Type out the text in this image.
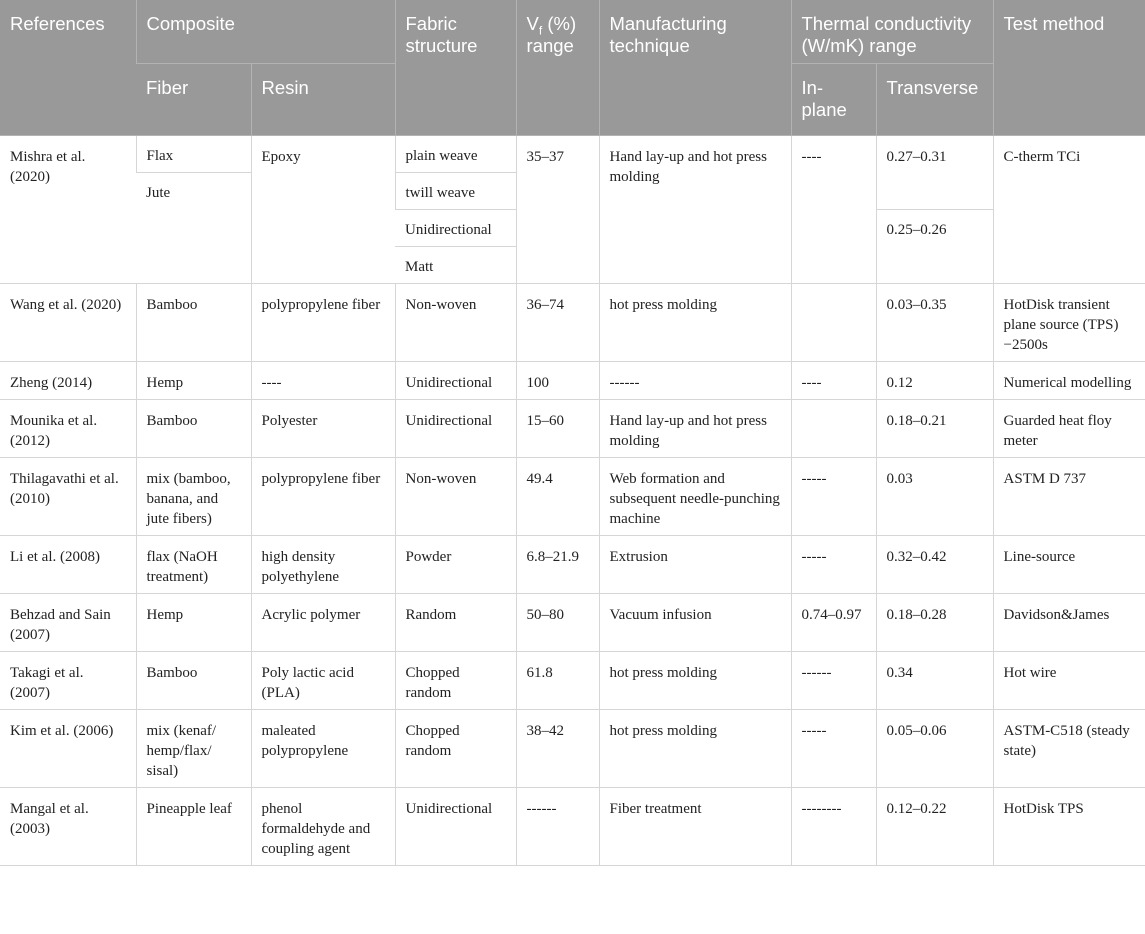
References	Composite		Fabric structure	$V_f$ (%) range	Manufacturing technique	Thermal conductivity (W/mK) range		Test method
	Fiber	Resin				In-plane	Transverse	
Mishra et al. (2020)	Flax	Epoxy	plain weave	35–37	Hand lay-up and hot press molding	----	0.27–0.31	C-therm TCi
	Jute		twill weave					
			Unidirectional				0.25–0.26	
			Matt					
Wang et al. (2020)	Bamboo	polypropylene fiber	Non-woven	36–74	hot press molding		0.03–0.35	HotDisk transient plane source (TPS) −2500s
Zheng (2014)	Hemp	----	Unidirectional	100	------	----	0.12	Numerical modelling
Mounika et al. (2012)	Bamboo	Polyester	Unidirectional	15–60	Hand lay-up and hot press molding		0.18–0.21	Guarded heat floy meter
Thilagavathi et al. (2010)	mix (bamboo, banana, and jute fibers)	polypropylene fiber	Non-woven	49.4	Web formation and subsequent needle-punching machine	-----	0.03	ASTM D 737
Li et al. (2008)	flax (NaOH treatment)	high density polyethylene	Powder	6.8–21.9	Extrusion	-----	0.32–0.42	Line-source
Behzad and Sain (2007)	Hemp	Acrylic polymer	Random	50–80	Vacuum infusion	0.74–0.97	0.18–0.28	Davidson&James
Takagi et al. (2007)	Bamboo	Poly lactic acid (PLA)	Chopped random	61.8	hot press molding	------	0.34	Hot wire
Kim et al. (2006)	mix (kenaf/ hemp/flax/ sisal)	maleated polypropylene	Chopped random	38–42	hot press molding	-----	0.05–0.06	ASTM-C518 (steady state)
Mangal et al. (2003)	Pineapple leaf	phenol formaldehyde and coupling agent	Unidirectional	------	Fiber treatment	--------	0.12–0.22	HotDisk TPS
